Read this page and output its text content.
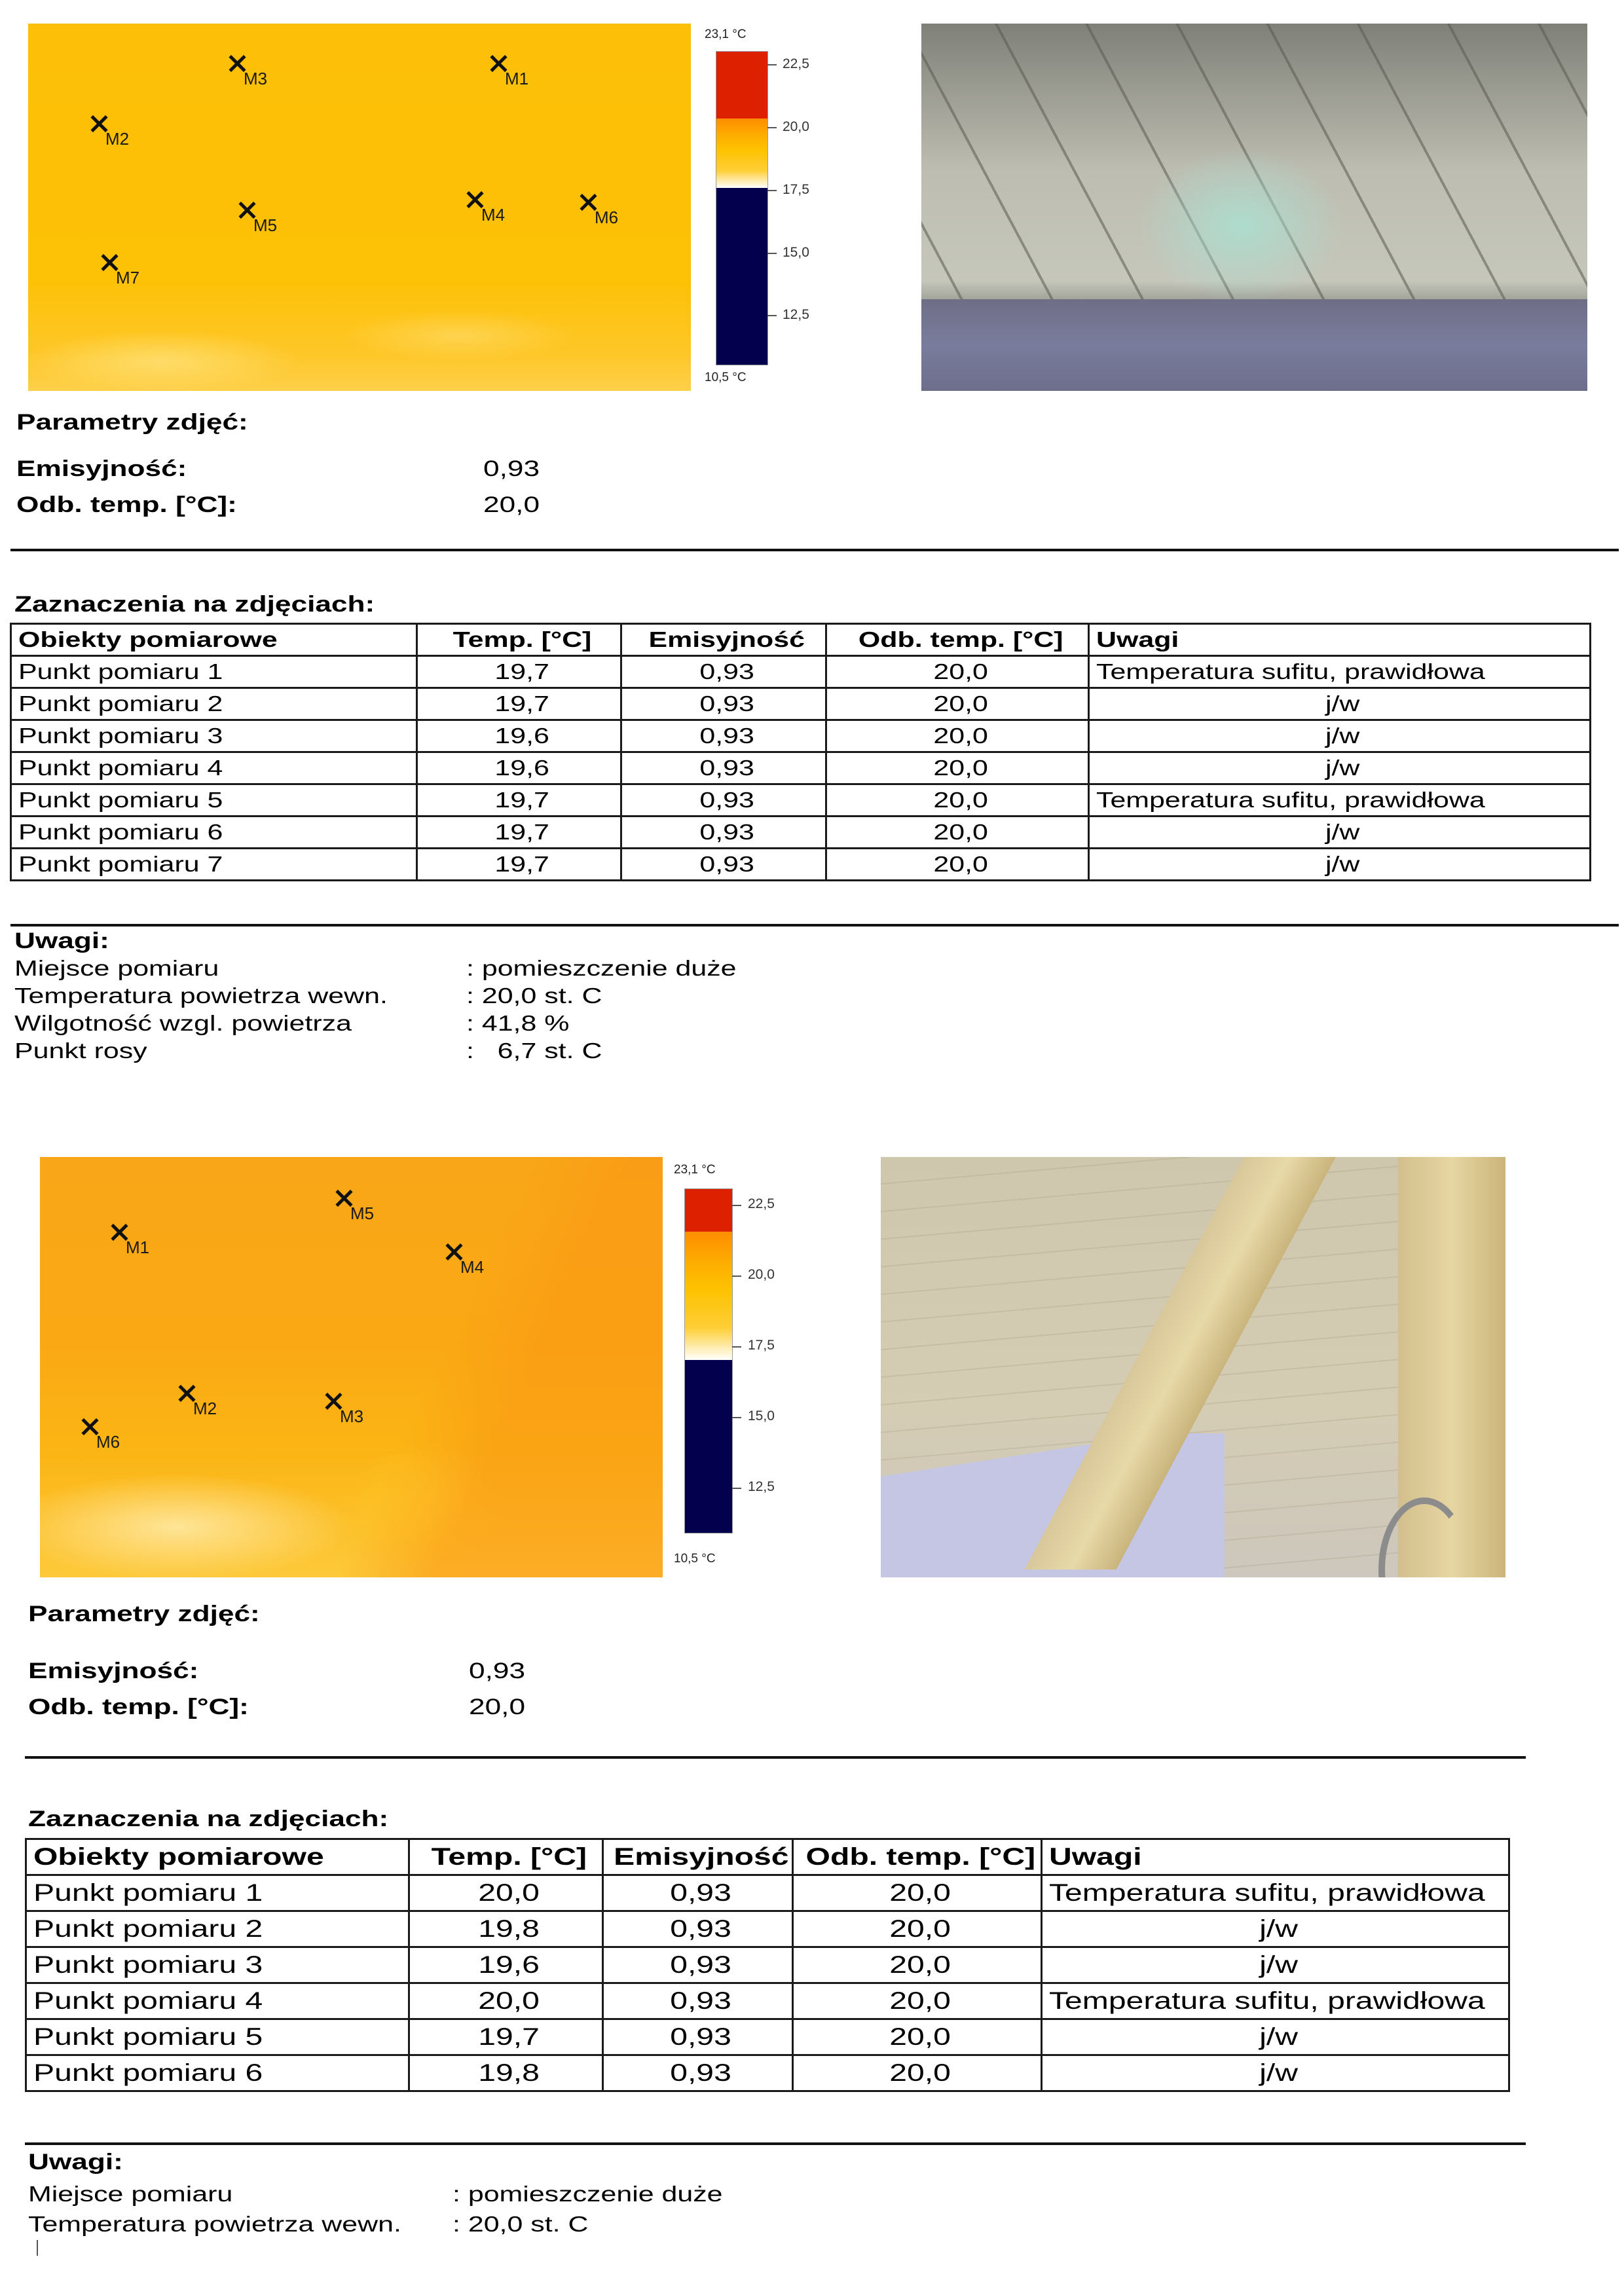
M1
M2
M3
M4
M5	M6
M7
23,1 °C
22,5
20,0
17,5
15,0
12,5
10,5 °C
Parametry zdjęć:
Emisyjność:	0,93
Odb. temp. [°C]:	20,0
Zaznaczenia na zdjęciach:
Obiekty pomiarowe	Temp. [°C]	Emisyjność	Odb. temp. [°C]	Uwagi
Punkt pomiaru 1	19,7	0,93	20,0	Temperatura sufitu, prawidłowa
Punkt pomiaru 2	19,7	0,93	20,0	j/w
Punkt pomiaru 3	19,6	0,93	20,0	j/w
Punkt pomiaru 4	19,6	0,93	20,0	j/w
Punkt pomiaru 5	19,7	0,93	20,0	Temperatura sufitu, prawidłowa
Punkt pomiaru 6	19,7	0,93	20,0	j/w
Punkt pomiaru 7	19,7	0,93	20,0	j/w
Uwagi:
Miejsce pomiaru	: pomieszczenie duże
Temperatura powietrza wewn.	: 20,0 st. C
Wilgotność wzgl. powietrza	: 41,8 %
Punkt rosy	:   6,7 st. C
M1
M2	M3
M4
M5
M6
23,1 °C
22,5
20,0
17,5
15,0
12,5
10,5 °C
Parametry zdjęć:
Emisyjność:	0,93
Odb. temp. [°C]:	20,0
Zaznaczenia na zdjęciach:
Obiekty pomiarowe	Temp. [°C]	Emisyjność	Odb. temp. [°C]	Uwagi
Punkt pomiaru 1	20,0	0,93	20,0	Temperatura sufitu, prawidłowa
Punkt pomiaru 2	19,8	0,93	20,0	j/w
Punkt pomiaru 3	19,6	0,93	20,0	j/w
Punkt pomiaru 4	20,0	0,93	20,0	Temperatura sufitu, prawidłowa
Punkt pomiaru 5	19,7	0,93	20,0	j/w
Punkt pomiaru 6	19,8	0,93	20,0	j/w
Uwagi:
Miejsce pomiaru	: pomieszczenie duże
Temperatura powietrza wewn. : 20,0 st. C
